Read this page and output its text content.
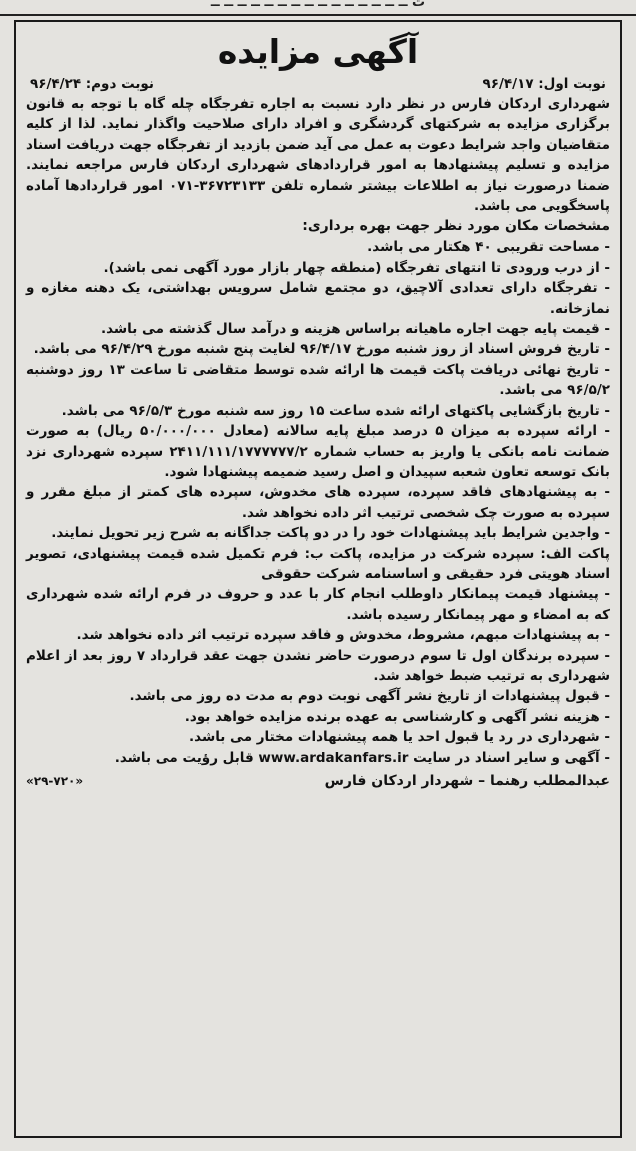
ت ــ ــ ــ ــ ــ ــ ــ ــ ــ ــ ــ ــ ــ ــ ــ
آگهی مزایده
نوبت اول: ۹۶/۴/۱۷
نوبت دوم: ۹۶/۴/۲۴

شهرداری اردکان فارس در نظر دارد نسبت به اجاره تفرجگاه چله گاه با توجه به قانون برگزاری مزایده به شرکتهای گردشگری و افراد دارای صلاحیت واگذار نماید. لذا از کلیه متقاضیان واجد شرایط دعوت به عمل می آید ضمن بازدید از تفرجگاه جهت دریافت اسناد مزایده و تسلیم پیشنهادها به امور قراردادهای شهرداری اردکان فارس مراجعه نمایند. ضمنا درصورت نیاز به اطلاعات بیشتر شماره تلفن ۳۶۷۲۳۱۳۳-۰۷۱ امور قراردادها آماده پاسخگویی می باشد.

مشخصات مکان مورد نظر جهت بهره برداری:

- مساحت تقریبی ۴۰ هکتار می باشد.
- از درب ورودی تا انتهای تفرجگاه (منطقه چهار بازار مورد آگهی نمی باشد).
- تفرجگاه دارای تعدادی آلاچیق، دو مجتمع شامل سرویس بهداشتی، یک دهنه مغازه و نمازخانه.
- قیمت پایه جهت اجاره ماهیانه براساس هزینه و درآمد سال گذشته می باشد.
- تاریخ فروش اسناد از روز شنبه مورخ ۹۶/۴/۱۷ لغایت پنج شنبه مورخ ۹۶/۴/۲۹ می باشد.
- تاریخ نهائی دریافت پاکت قیمت ها ارائه شده توسط متقاضی تا ساعت ۱۳ روز دوشنبه ۹۶/۵/۲ می باشد.
- تاریخ بازگشایی پاکتهای ارائه شده ساعت ۱۵ روز سه شنبه مورخ ۹۶/۵/۳ می باشد.
- ارائه سپرده به میزان ۵ درصد مبلغ پایه سالانه (معادل ۵۰/۰۰۰/۰۰۰ ریال) به صورت ضمانت نامه بانکی یا واریز به حساب شماره ۲۴۱۱/۱۱۱/۱۷۷۷۷۷۷/۲ سپرده شهرداری نزد بانک توسعه تعاون شعبه سپیدان و اصل رسید ضمیمه پیشنهادا شود.
- به پیشنهادهای فاقد سپرده، سپرده های مخدوش، سپرده های کمتر از مبلغ مقرر و سپرده به صورت چک شخصی ترتیب اثر داده نخواهد شد.
- واجدین شرایط باید پیشنهادات خود را در دو پاکت جداگانه به شرح زیر تحویل نمایند.
پاکت الف: سپرده شرکت در مزایده، پاکت ب: فرم تکمیل شده قیمت پیشنهادی، تصویر اسناد هویتی فرد حقیقی و اساسنامه شرکت حقوقی
- پیشنهاد قیمت پیمانکار داوطلب انجام کار با عدد و حروف در فرم ارائه شده شهرداری که به امضاء و مهر پیمانکار رسیده باشد.
- به پیشنهادات مبهم، مشروط، مخدوش و فاقد سپرده ترتیب اثر داده نخواهد شد.
- سپرده برندگان اول تا سوم درصورت حاضر نشدن جهت عقد قرارداد ۷ روز بعد از اعلام شهرداری به ترتیب ضبط خواهد شد.
- قبول پیشنهادات از تاریخ نشر آگهی نوبت دوم به مدت ده روز می باشد.
- هزینه نشر آگهی و کارشناسی به عهده برنده مزایده خواهد بود.
- شهرداری در رد یا قبول احد یا همه پیشنهادات مختار می باشد.
- آگهی و سایر اسناد در سایت www.ardakanfars.ir قابل رؤیت می باشد.
عبدالمطلب رهنما – شهردار اردکان فارس
«۲۹-۷۲۰»
